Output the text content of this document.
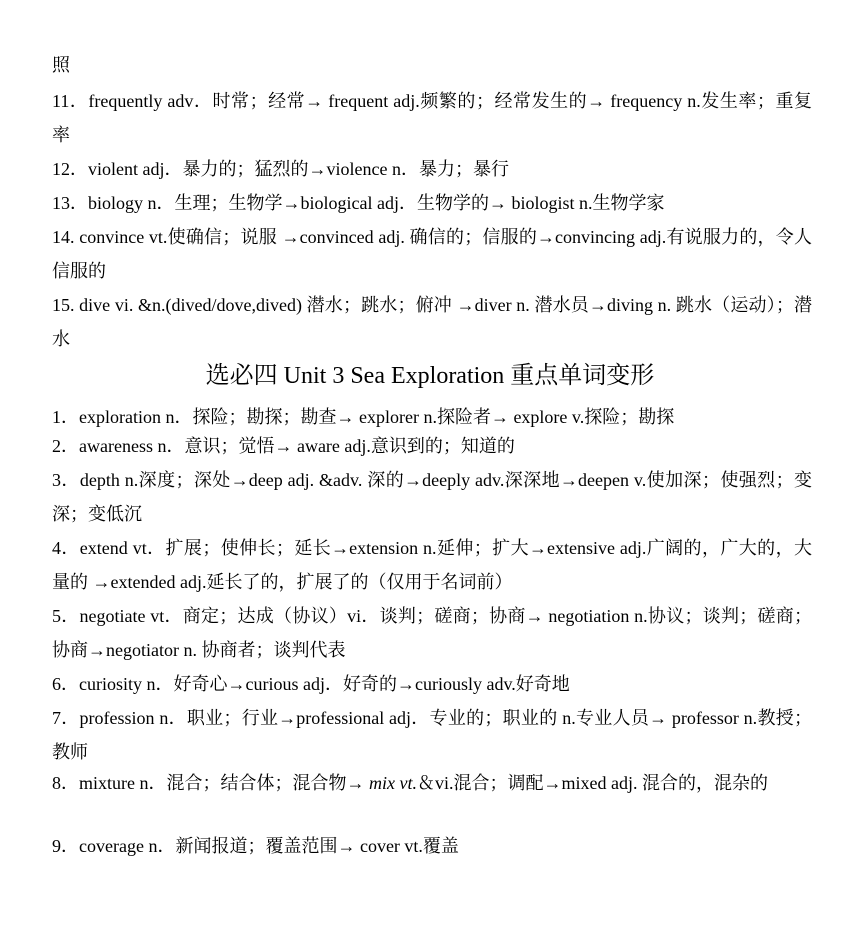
照

11．frequently adv．时常；经常→ frequent adj.频繁的；经常发生的→ frequency n.发生率；重复率

12．violent adj．暴力的；猛烈的→violence n．暴力；暴行

13．biology n．生理；生物学→biological adj．生物学的→ biologist n.生物学家

14. convince vt.使确信；说服 →convinced adj. 确信的；信服的→convincing adj.有说服力的，令人信服的

15. dive vi. &n.(dived/dove,dived) 潜水；跳水；俯冲 →diver n. 潜水员→diving n. 跳水（运动）；潜水

选必四 Unit 3 Sea Exploration 重点单词变形

1．exploration n．探险；勘探；勘查→ explorer n.探险者→ explore v.探险；勘探

2．awareness n．意识；觉悟→ aware adj.意识到的；知道的

3．depth n.深度；深处→deep adj. &adv. 深的→deeply adv.深深地→deepen v.使加深；使强烈；变深；变低沉

4．extend vt．扩展；使伸长；延长→extension n.延伸；扩大→extensive adj.广阔的，广大的，大量的 →extended adj.延长了的，扩展了的（仅用于名词前）

5．negotiate vt．商定；达成（协议）vi．谈判；磋商；协商→ negotiation n.协议；谈判；磋商；协商→negotiator n. 协商者；谈判代表

6．curiosity n．好奇心→curious adj．好奇的→curiously adv.好奇地

7．profession n．职业；行业→professional adj．专业的；职业的 n.专业人员→ professor n.教授；教师

8．mixture n．混合；结合体；混合物→ mix vt.＆vi.混合；调配→mixed adj. 混合的，混杂的

9．coverage n．新闻报道；覆盖范围→ cover vt.覆盖
